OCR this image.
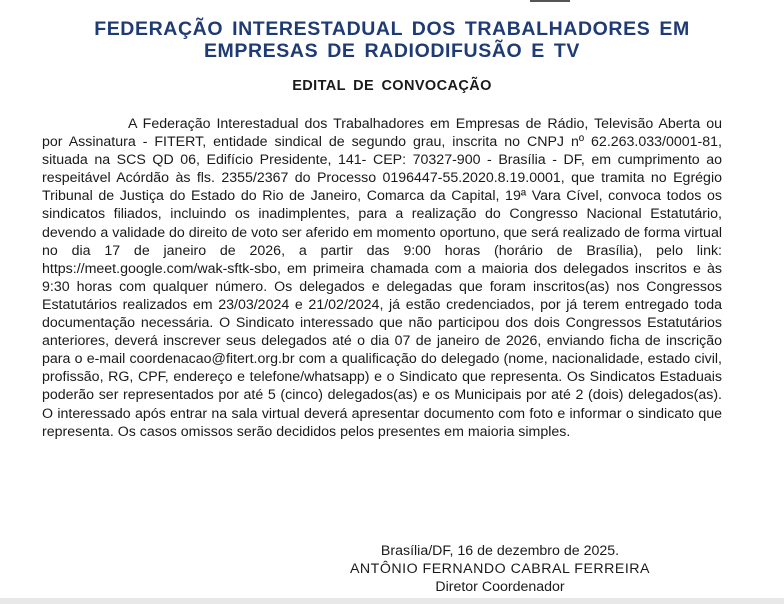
FEDERAÇÃO INTERESTADUAL DOS TRABALHADORES EM
EMPRESAS DE RADIODIFUSÃO E TV
EDITAL DE CONVOCAÇÃO

A Federação Interestadual dos Trabalhadores em Empresas de Rádio, Televisão Aberta ou por Assinatura - FITERT, entidade sindical de segundo grau, inscrita no CNPJ nº 62.263.033/0001-81, situada na SCS QD 06, Edifício Presidente, 141- CEP: 70327-900 - Brasília - DF, em cumprimento ao respeitável Acórdão às fls. 2355/2367 do Processo 0196447-55.2020.8.19.0001, que tramita no Egrégio Tribunal de Justiça do Estado do Rio de Janeiro, Comarca da Capital, 19ª Vara Cível, convoca todos os sindicatos filiados, incluindo os inadimplentes, para a realização do Congresso Nacional Estatutário, devendo a validade do direito de voto ser aferido em momento oportuno, que será realizado de forma virtual no dia 17 de janeiro de 2026, a partir das 9:00 horas (horário de Brasília), pelo link: https://meet.google.com/wak-sftk-sbo, em primeira chamada com a maioria dos delegados inscritos e às 9:30 horas com qualquer número. Os delegados e delegadas que foram inscritos(as) nos Congressos Estatutários realizados em 23/03/2024 e 21/02/2024, já estão credenciados, por já terem entregado toda documentação necessária. O Sindicato interessado que não participou dos dois Congressos Estatutários anteriores, deverá inscrever seus delegados até o dia 07 de janeiro de 2026, enviando ficha de inscrição para o e-mail coordenacao@fitert.org.br com a qualificação do delegado (nome, nacionalidade, estado civil, profissão, RG, CPF, endereço e telefone/whatsapp) e o Sindicato que representa. Os Sindicatos Estaduais poderão ser representados por até 5 (cinco) delegados(as) e os Municipais por até 2 (dois) delegados(as). O interessado após entrar na sala virtual deverá apresentar documento com foto e informar o sindicato que representa. Os casos omissos serão decididos pelos presentes em maioria simples.

Brasília/DF, 16 de dezembro de 2025.
ANTÔNIO FERNANDO CABRAL FERREIRA
Diretor Coordenador
